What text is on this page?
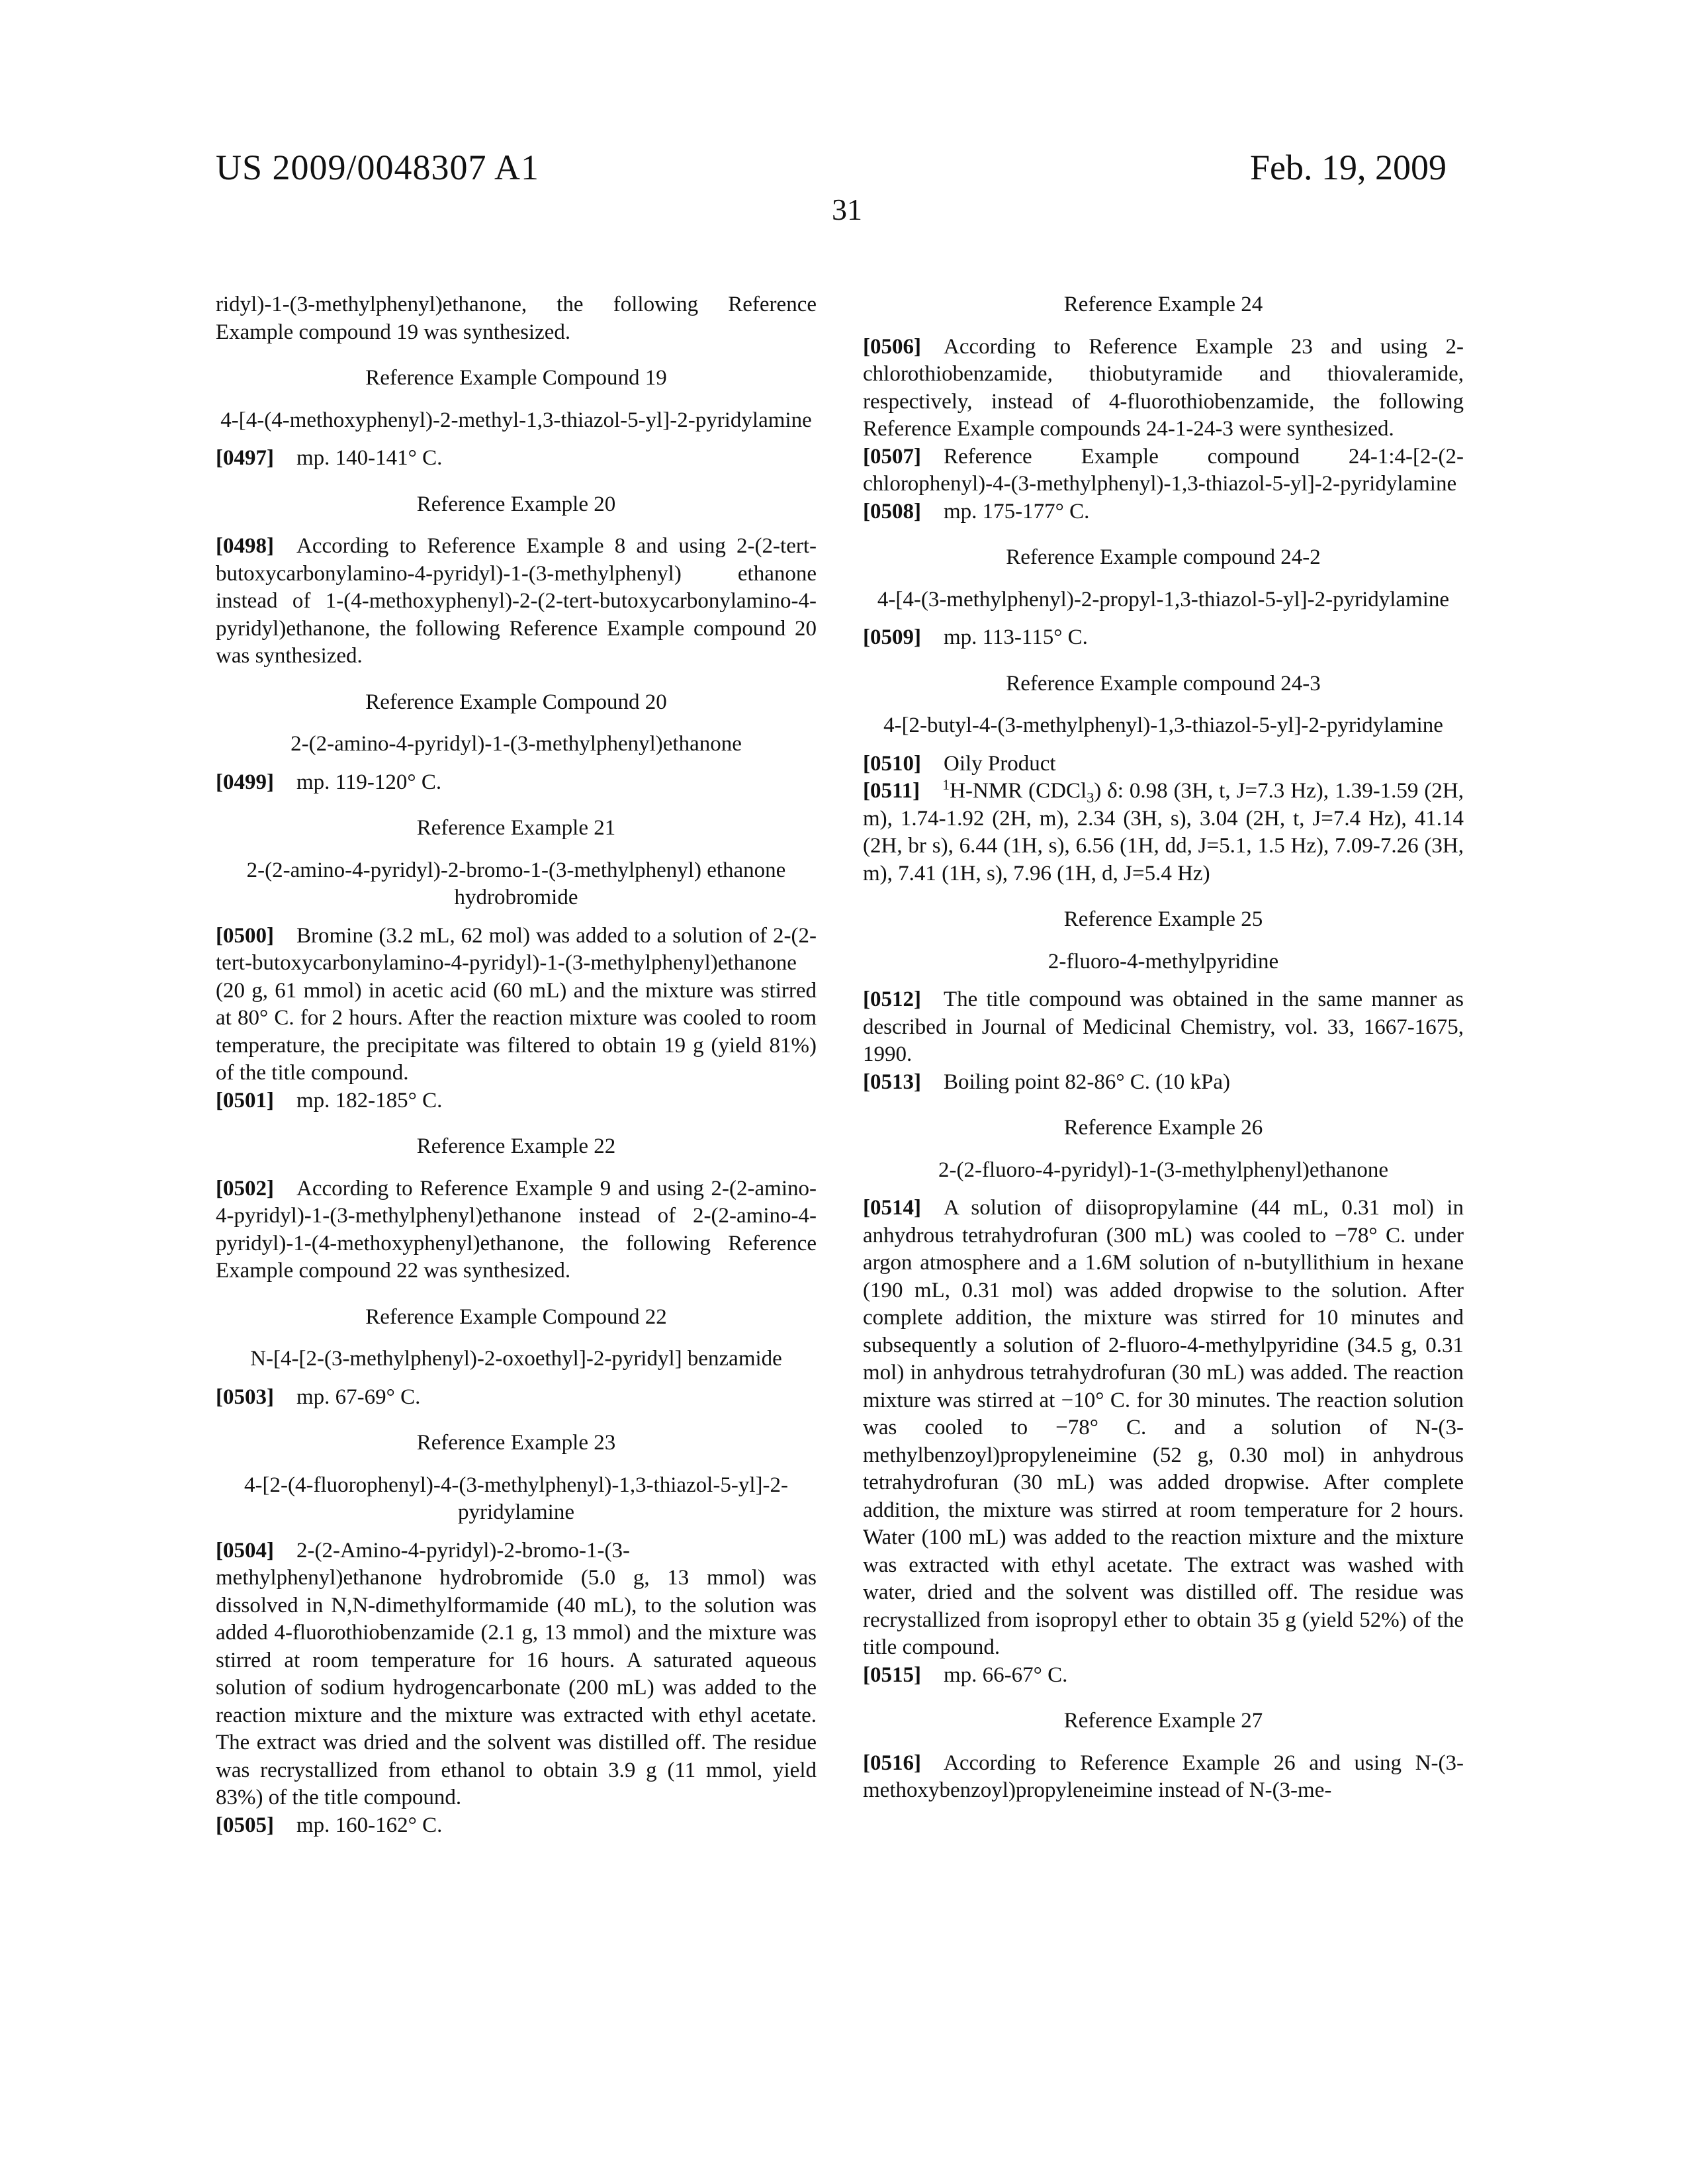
US 2009/0048307 A1	Feb. 19, 2009
31

ridyl)-1-(3-methylphenyl)ethanone, the following Reference Example compound 19 was synthesized.

Reference Example Compound 19

4-[4-(4-methoxyphenyl)-2-methyl-1,3-thiazol-5-yl]-2-pyridylamine

[0497] mp. 140-141° C.

Reference Example 20

[0498] According to Reference Example 8 and using 2-(2-tert-butoxycarbonylamino-4-pyridyl)-1-(3-methylphenyl) ethanone instead of 1-(4-methoxyphenyl)-2-(2-tert-butoxycarbonylamino-4-pyridyl)ethanone, the following Reference Example compound 20 was synthesized.

Reference Example Compound 20

2-(2-amino-4-pyridyl)-1-(3-methylphenyl)ethanone

[0499] mp. 119-120° C.

Reference Example 21

2-(2-amino-4-pyridyl)-2-bromo-1-(3-methylphenyl) ethanone hydrobromide

[0500] Bromine (3.2 mL, 62 mol) was added to a solution of 2-(2-tert-butoxycarbonylamino-4-pyridyl)-1-(3-methylphenyl)ethanone (20 g, 61 mmol) in acetic acid (60 mL) and the mixture was stirred at 80° C. for 2 hours. After the reaction mixture was cooled to room temperature, the precipitate was filtered to obtain 19 g (yield 81%) of the title compound.

[0501] mp. 182-185° C.

Reference Example 22

[0502] According to Reference Example 9 and using 2-(2-amino-4-pyridyl)-1-(3-methylphenyl)ethanone instead of 2-(2-amino-4-pyridyl)-1-(4-methoxyphenyl)ethanone, the following Reference Example compound 22 was synthesized.

Reference Example Compound 22

N-[4-[2-(3-methylphenyl)-2-oxoethyl]-2-pyridyl] benzamide

[0503] mp. 67-69° C.

Reference Example 23

4-[2-(4-fluorophenyl)-4-(3-methylphenyl)-1,3-thiazol-5-yl]-2-pyridylamine

[0504] 2-(2-Amino-4-pyridyl)-2-bromo-1-(3-methylphenyl)ethanone hydrobromide (5.0 g, 13 mmol) was dissolved in N,N-dimethylformamide (40 mL), to the solution was added 4-fluorothiobenzamide (2.1 g, 13 mmol) and the mixture was stirred at room temperature for 16 hours. A saturated aqueous solution of sodium hydrogencarbonate (200 mL) was added to the reaction mixture and the mixture was extracted with ethyl acetate. The extract was dried and the solvent was distilled off. The residue was recrystallized from ethanol to obtain 3.9 g (11 mmol, yield 83%) of the title compound.

[0505] mp. 160-162° C.

Reference Example 24

[0506] According to Reference Example 23 and using 2-chlorothiobenzamide, thiobutyramide and thiovaleramide, respectively, instead of 4-fluorothiobenzamide, the following Reference Example compounds 24-1-24-3 were synthesized.

[0507] Reference Example compound 24-1:4-[2-(2-chlorophenyl)-4-(3-methylphenyl)-1,3-thiazol-5-yl]-2-pyridylamine

[0508] mp. 175-177° C.

Reference Example compound 24-2

4-[4-(3-methylphenyl)-2-propyl-1,3-thiazol-5-yl]-2-pyridylamine

[0509] mp. 113-115° C.

Reference Example compound 24-3

4-[2-butyl-4-(3-methylphenyl)-1,3-thiazol-5-yl]-2-pyridylamine

[0510] Oily Product

[0511] 1H-NMR (CDCl3) δ: 0.98 (3H, t, J=7.3 Hz), 1.39-1.59 (2H, m), 1.74-1.92 (2H, m), 2.34 (3H, s), 3.04 (2H, t, J=7.4 Hz), 41.14 (2H, br s), 6.44 (1H, s), 6.56 (1H, dd, J=5.1, 1.5 Hz), 7.09-7.26 (3H, m), 7.41 (1H, s), 7.96 (1H, d, J=5.4 Hz)

Reference Example 25

2-fluoro-4-methylpyridine

[0512] The title compound was obtained in the same manner as described in Journal of Medicinal Chemistry, vol. 33, 1667-1675, 1990.

[0513] Boiling point 82-86° C. (10 kPa)

Reference Example 26

2-(2-fluoro-4-pyridyl)-1-(3-methylphenyl)ethanone

[0514] A solution of diisopropylamine (44 mL, 0.31 mol) in anhydrous tetrahydrofuran (300 mL) was cooled to −78° C. under argon atmosphere and a 1.6M solution of n-butyllithium in hexane (190 mL, 0.31 mol) was added dropwise to the solution. After complete addition, the mixture was stirred for 10 minutes and subsequently a solution of 2-fluoro-4-methylpyridine (34.5 g, 0.31 mol) in anhydrous tetrahydrofuran (30 mL) was added. The reaction mixture was stirred at −10° C. for 30 minutes. The reaction solution was cooled to −78° C. and a solution of N-(3-methylbenzoyl)propyleneimine (52 g, 0.30 mol) in anhydrous tetrahydrofuran (30 mL) was added dropwise. After complete addition, the mixture was stirred at room temperature for 2 hours. Water (100 mL) was added to the reaction mixture and the mixture was extracted with ethyl acetate. The extract was washed with water, dried and the solvent was distilled off. The residue was recrystallized from isopropyl ether to obtain 35 g (yield 52%) of the title compound.

[0515] mp. 66-67° C.

Reference Example 27

[0516] According to Reference Example 26 and using N-(3-methoxybenzoyl)propyleneimine instead of N-(3-me-
